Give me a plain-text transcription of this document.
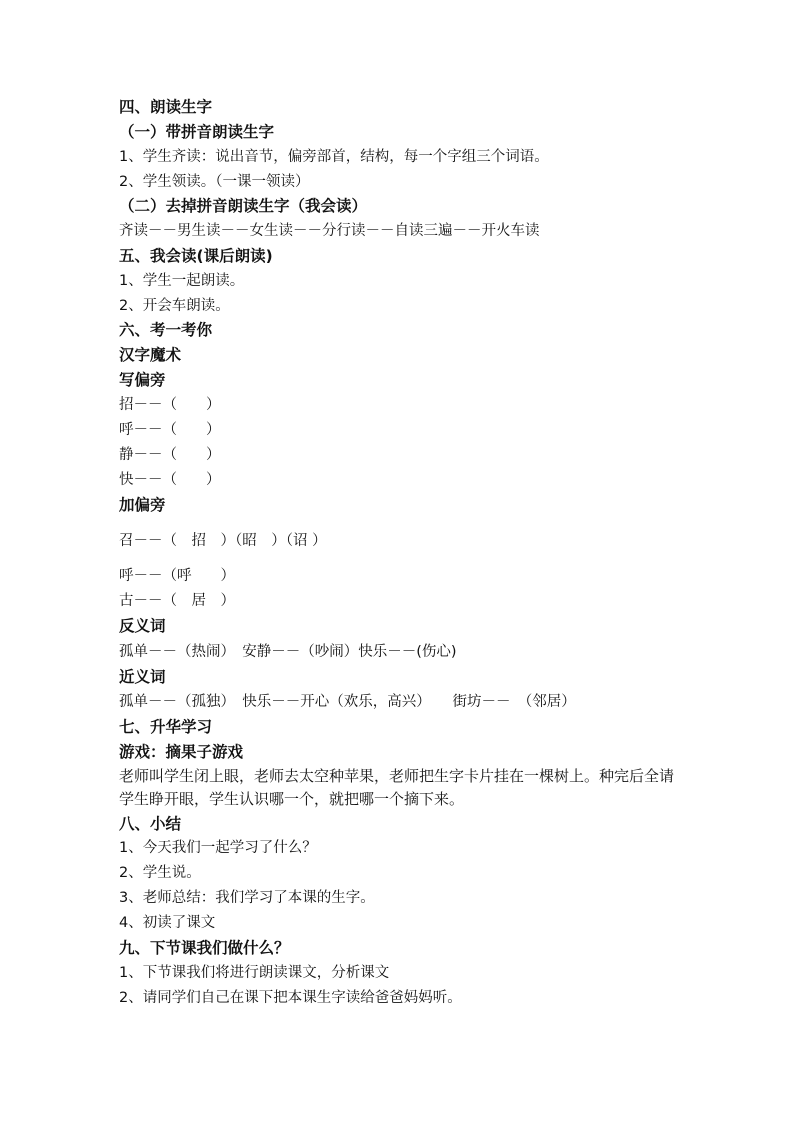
四、朗读生字
（一）带拼音朗读生字
1、学生齐读：说出音节，偏旁部首，结构，每一个字组三个词语。
2、学生领读。（一课一领读）
（二）去掉拼音朗读生字（我会读）
齐读－－男生读－－女生读－－分行读－－自读三遍－－开火车读
五、我会读(课后朗读)
1、学生一起朗读。
2、开会车朗读。
六、考一考你
汉字魔术
写偏旁
招－－（　　）
呼－－（　　）
静－－（　　）
快－－（　　）
加偏旁
召－－（　招　）（昭　）（诏 ）
呼－－（呼　　）
古－－（　居　）
反义词
孤单－－（热闹）　安静－－（吵闹）快乐－－(伤心)
近义词
孤单－－（孤独）　快乐－－开心（欢乐，高兴）　　街坊－－　（邻居）
七、升华学习
游戏：摘果子游戏
老师叫学生闭上眼，老师去太空种苹果，老师把生字卡片挂在一棵树上。种完后全请学生睁开眼，学生认识哪一个，就把哪一个摘下来。
八、小结
1、今天我们一起学习了什么？
2、学生说。
3、老师总结：我们学习了本课的生字。
4、初读了课文
九、下节课我们做什么？
1、下节课我们将进行朗读课文，分析课文
2、请同学们自己在课下把本课生字读给爸爸妈妈听。
